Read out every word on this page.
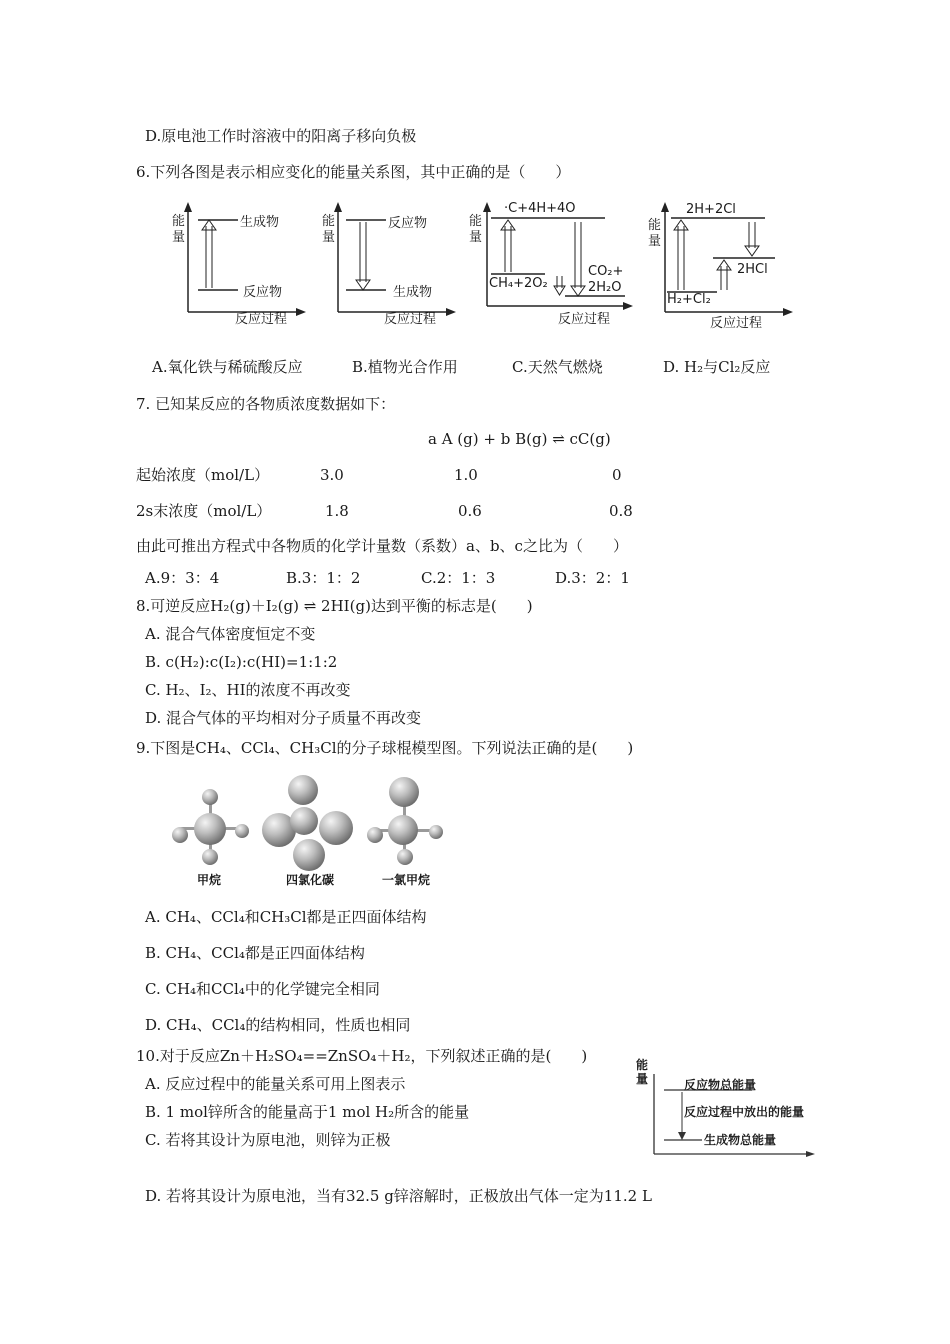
D.原电池工作时溶液中的阳离子移向负极
6.下列各图是表示相应变化的能量关系图，其中正确的是（　　）
能量
生成物
反应物
反应过程
能量
反应物
生成物
反应过程
能量
·C+4H+4O
CH₄+2O₂
CO₂+
2H₂O
反应过程
能量
2H+2Cl
2HCl
H₂+Cl₂
反应过程
A.氧化铁与稀硫酸反应	B.植物光合作用	C.天然气燃烧	D. H₂与Cl₂反应
7. 已知某反应的各物质浓度数据如下：
a A (g) + b B(g) ⇌ cC(g)
起始浓度（mol/L）	3.0	1.0	0
2s末浓度（mol/L）	1.8	0.6	0.8
由此可推出方程式中各物质的化学计量数（系数）a、b、c之比为（　　）
A.9：3：4	B.3：1：2	C.2：1：3	D.3：2：1
8.可逆反应H₂(g)＋I₂(g) ⇌ 2HI(g)达到平衡的标志是(　　)
A. 混合气体密度恒定不变
B. c(H₂):c(I₂):c(HI)=1:1:2
C. H₂、I₂、HI的浓度不再改变
D. 混合气体的平均相对分子质量不再改变
9.下图是CH₄、CCl₄、CH₃Cl的分子球棍模型图。下列说法正确的是(　　)
甲烷	四氯化碳	一氯甲烷
A. CH₄、CCl₄和CH₃Cl都是正四面体结构
B. CH₄、CCl₄都是正四面体结构
C. CH₄和CCl₄中的化学键完全相同
D. CH₄、CCl₄的结构相同，性质也相同
10.对于反应Zn＋H₂SO₄==ZnSO₄＋H₂，下列叙述正确的是(　　)
A. 反应过程中的能量关系可用上图表示
B. 1 mol锌所含的能量高于1 mol H₂所含的能量
C. 若将其设计为原电池，则锌为正极
D. 若将其设计为原电池，当有32.5 g锌溶解时，正极放出气体一定为11.2 L
能量	反应物总能量
反应过程中放出的能量
生成物总能量
